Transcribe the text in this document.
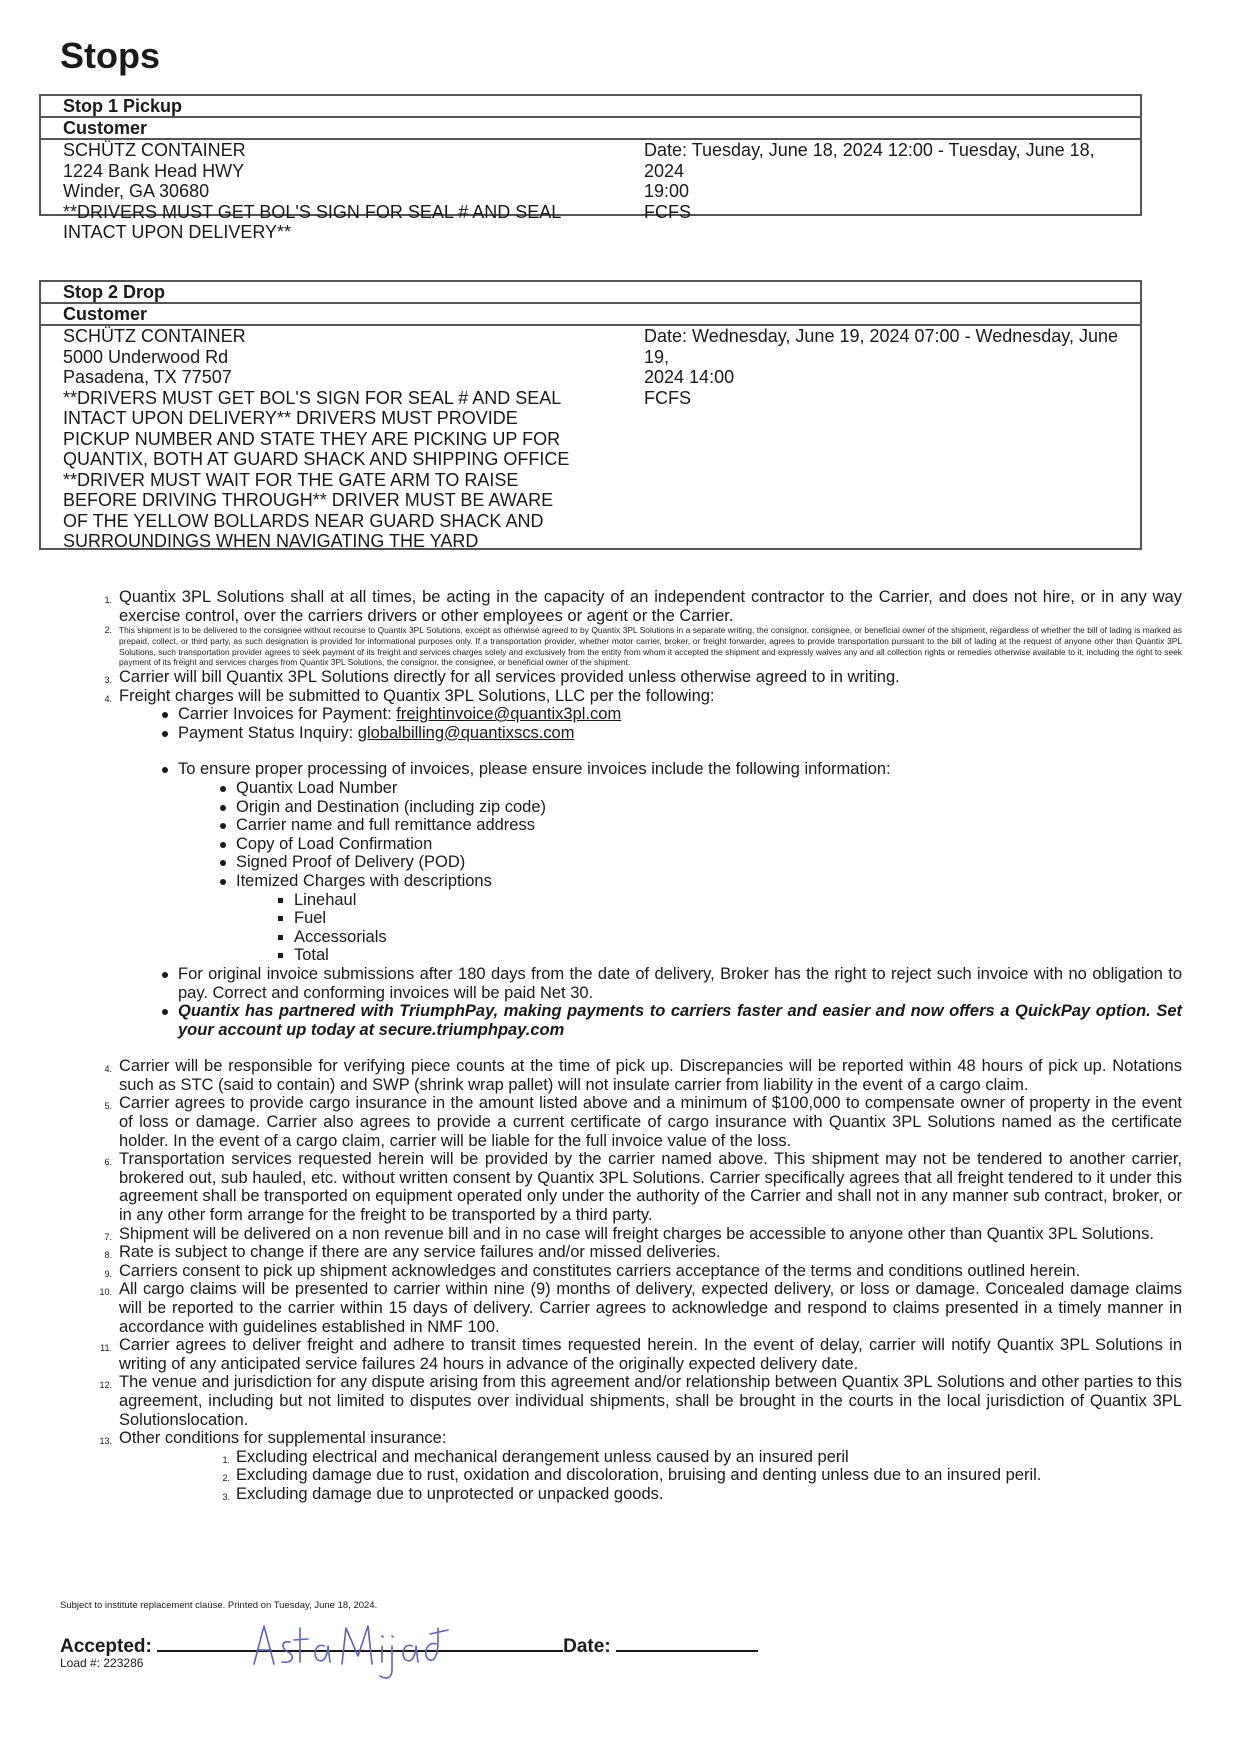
Stops
Stop 1 Pickup
Customer
SCHÜTZ CONTAINER
1224 Bank Head HWY
Winder, GA 30680
**DRIVERS MUST GET BOL'S SIGN FOR SEAL # AND SEAL
INTACT UPON DELIVERY**
Date: Tuesday, June 18, 2024 12:00 - Tuesday, June 18, 2024
19:00
FCFS
Stop 2 Drop
Customer
SCHÜTZ CONTAINER
5000 Underwood Rd
Pasadena, TX 77507
**DRIVERS MUST GET BOL'S SIGN FOR SEAL # AND SEAL
INTACT UPON DELIVERY** DRIVERS MUST PROVIDE
PICKUP NUMBER AND STATE THEY ARE PICKING UP FOR
QUANTIX, BOTH AT GUARD SHACK AND SHIPPING OFFICE
**DRIVER MUST WAIT FOR THE GATE ARM TO RAISE
BEFORE DRIVING THROUGH** DRIVER MUST BE AWARE
OF THE YELLOW BOLLARDS NEAR GUARD SHACK AND
SURROUNDINGS WHEN NAVIGATING THE YARD
Date: Wednesday, June 19, 2024 07:00 - Wednesday, June 19,
2024 14:00
FCFS
1. Quantix 3PL Solutions shall at all times, be acting in the capacity of an independent contractor to the Carrier, and does not hire, or in any way exercise control, over the carriers drivers or other employees or agent or the Carrier.
2. This shipment is to be delivered to the consignee without recourse to Quantix 3PL Solutions, except as otherwise agreed to by Quantix 3PL Solutions in a separate writing, the consignor, consignee, or beneficial owner of the shipment, regardless of whether the bill of lading is marked as prepaid, collect, or third party, as such designation is provided for informational purposes only. If a transportation provider, whether motor carrier, broker, or freight forwarder, agrees to provide transportation pursuant to the bill of lading at the request of anyone other than Quantix 3PL Solutions, such transportation provider agrees to seek payment of its freight and services charges solely and exclusively from the entity from whom it accepted the shipment and expressly waives any and all collection rights or remedies otherwise available to it, including the right to seek payment of its freight and services charges from Quantix 3PL Solutions, the consignor, the consignee, or beneficial owner of the shipment.
3. Carrier will bill Quantix 3PL Solutions directly for all services provided unless otherwise agreed to in writing.
4. Freight charges will be submitted to Quantix 3PL Solutions, LLC per the following:
Carrier Invoices for Payment: freightinvoice@quantix3pl.com
Payment Status Inquiry: globalbilling@quantixscs.com
To ensure proper processing of invoices, please ensure invoices include the following information:
Quantix Load Number
Origin and Destination (including zip code)
Carrier name and full remittance address
Copy of Load Confirmation
Signed Proof of Delivery (POD)
Itemized Charges with descriptions
Linehaul
Fuel
Accessorials
Total
For original invoice submissions after 180 days from the date of delivery, Broker has the right to reject such invoice with no obligation to pay. Correct and conforming invoices will be paid Net 30.
Quantix has partnered with TriumphPay, making payments to carriers faster and easier and now offers a QuickPay option. Set your account up today at secure.triumphpay.com
4. Carrier will be responsible for verifying piece counts at the time of pick up. Discrepancies will be reported within 48 hours of pick up. Notations such as STC (said to contain) and SWP (shrink wrap pallet) will not insulate carrier from liability in the event of a cargo claim.
5. Carrier agrees to provide cargo insurance in the amount listed above and a minimum of $100,000 to compensate owner of property in the event of loss or damage. Carrier also agrees to provide a current certificate of cargo insurance with Quantix 3PL Solutions named as the certificate holder. In the event of a cargo claim, carrier will be liable for the full invoice value of the loss.
6. Transportation services requested herein will be provided by the carrier named above. This shipment may not be tendered to another carrier, brokered out, sub hauled, etc. without written consent by Quantix 3PL Solutions. Carrier specifically agrees that all freight tendered to it under this agreement shall be transported on equipment operated only under the authority of the Carrier and shall not in any manner sub contract, broker, or in any other form arrange for the freight to be transported by a third party.
7. Shipment will be delivered on a non revenue bill and in no case will freight charges be accessible to anyone other than Quantix 3PL Solutions.
8. Rate is subject to change if there are any service failures and/or missed deliveries.
9. Carriers consent to pick up shipment acknowledges and constitutes carriers acceptance of the terms and conditions outlined herein.
10. All cargo claims will be presented to carrier within nine (9) months of delivery, expected delivery, or loss or damage. Concealed damage claims will be reported to the carrier within 15 days of delivery. Carrier agrees to acknowledge and respond to claims presented in a timely manner in accordance with guidelines established in NMF 100.
11. Carrier agrees to deliver freight and adhere to transit times requested herein. In the event of delay, carrier will notify Quantix 3PL Solutions in writing of any anticipated service failures 24 hours in advance of the originally expected delivery date.
12. The venue and jurisdiction for any dispute arising from this agreement and/or relationship between Quantix 3PL Solutions and other parties to this agreement, including but not limited to disputes over individual shipments, shall be brought in the courts in the local jurisdiction of Quantix 3PL Solutionslocation.
13. Other conditions for supplemental insurance:
1. Excluding electrical and mechanical derangement unless caused by an insured peril
2. Excluding damage due to rust, oxidation and discoloration, bruising and denting unless due to an insured peril.
3. Excluding damage due to unprotected or unpacked goods.
Subject to institute replacement clause. Printed on Tuesday, June 18, 2024.
Accepted:	Date:
Load #: 223286
